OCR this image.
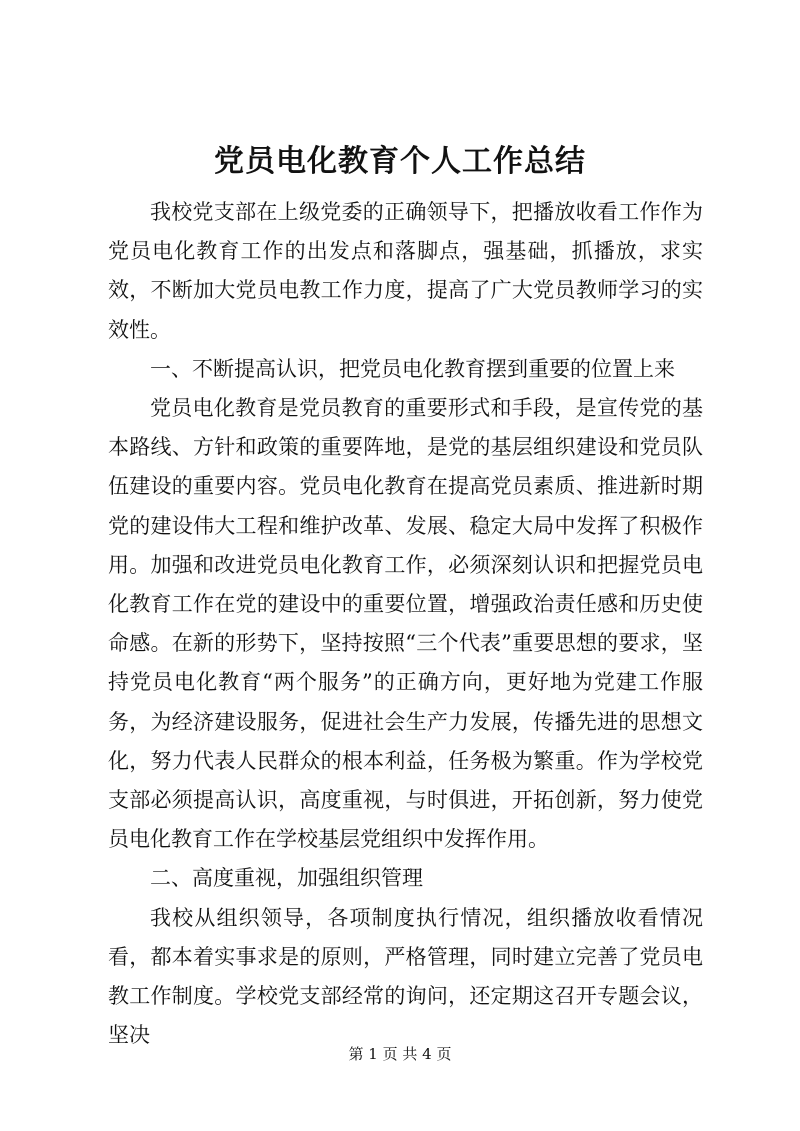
党员电化教育个人工作总结

我校党支部在上级党委的正确领导下，把播放收看工作作为党员电化教育工作的出发点和落脚点，强基础，抓播放，求实效，不断加大党员电教工作力度，提高了广大党员教师学习的实效性。

一、不断提高认识，把党员电化教育摆到重要的位置上来

党员电化教育是党员教育的重要形式和手段，是宣传党的基本路线、方针和政策的重要阵地，是党的基层组织建设和党员队伍建设的重要内容。党员电化教育在提高党员素质、推进新时期党的建设伟大工程和维护改革、发展、稳定大局中发挥了积极作用。加强和改进党员电化教育工作，必须深刻认识和把握党员电化教育工作在党的建设中的重要位置，增强政治责任感和历史使命感。在新的形势下，坚持按照“三个代表”重要思想的要求，坚持党员电化教育“两个服务”的正确方向，更好地为党建工作服务，为经济建设服务，促进社会生产力发展，传播先进的思想文化，努力代表人民群众的根本利益，任务极为繁重。作为学校党支部必须提高认识，高度重视，与时俱进，开拓创新，努力使党员电化教育工作在学校基层党组织中发挥作用。

二、高度重视，加强组织管理

我校从组织领导，各项制度执行情况，组织播放收看情况看，都本着实事求是的原则，严格管理，同时建立完善了党员电教工作制度。学校党支部经常的询问，还定期这召开专题会议，坚决

第 1 页 共 4 页
